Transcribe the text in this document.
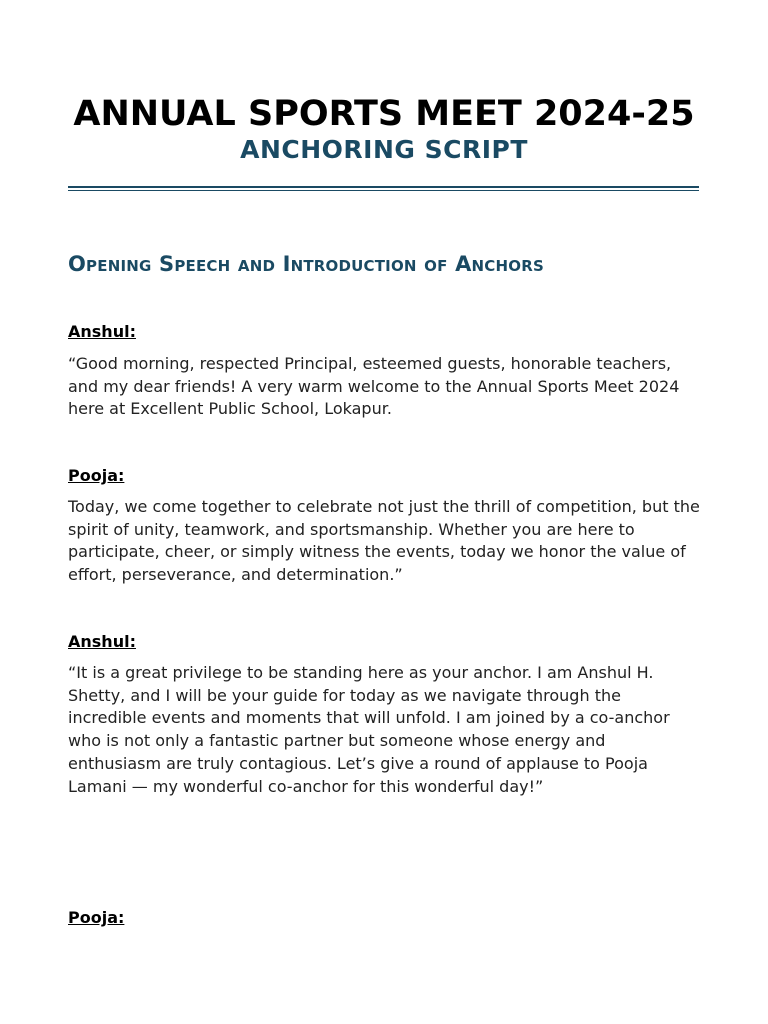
ANNUAL SPORTS MEET 2024-25
ANCHORING SCRIPT
Opening Speech and Introduction of Anchors
Anshul:

“Good morning, respected Principal, esteemed guests, honorable teachers, and my dear friends! A very warm welcome to the Annual Sports Meet 2024 here at Excellent Public School, Lokapur.

Pooja:

Today, we come together to celebrate not just the thrill of competition, but the spirit of unity, teamwork, and sportsmanship. Whether you are here to participate, cheer, or simply witness the events, today we honor the value of effort, perseverance, and determination.”

Anshul:

“It is a great privilege to be standing here as your anchor. I am Anshul H. Shetty, and I will be your guide for today as we navigate through the incredible events and moments that will unfold. I am joined by a co-anchor who is not only a fantastic partner but someone whose energy and enthusiasm are truly contagious. Let’s give a round of applause to Pooja Lamani — my wonderful co-anchor for this wonderful day!”

Pooja:
